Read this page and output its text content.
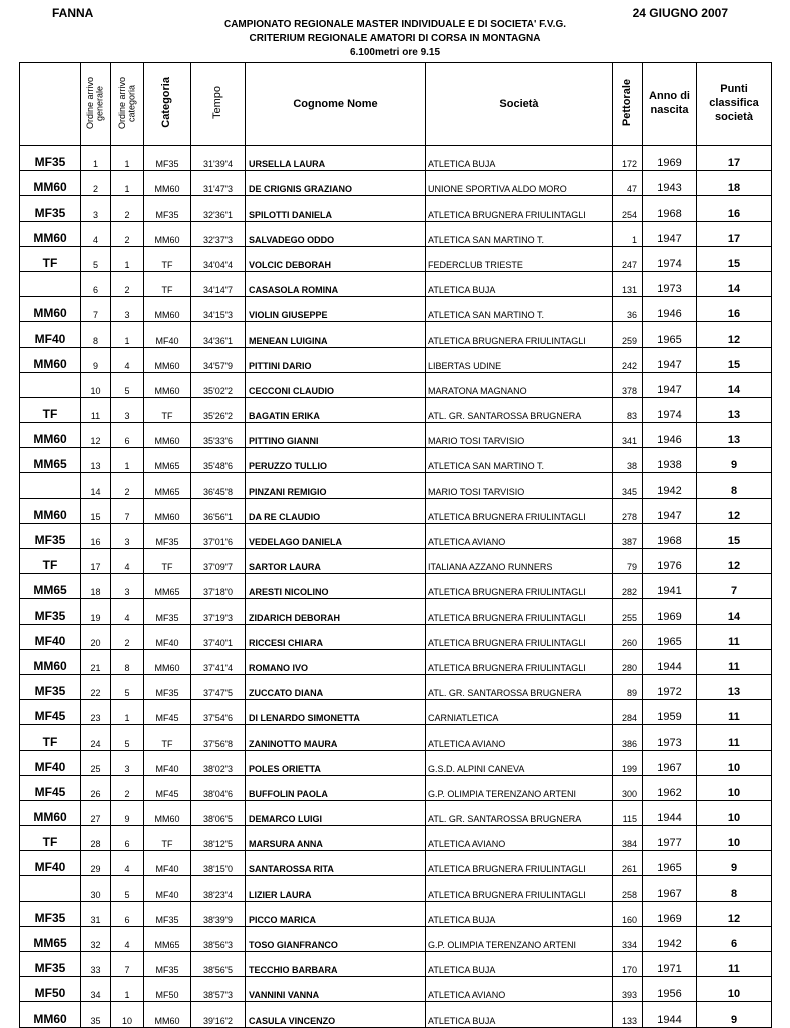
FANNA	24 GIUGNO 2007
CAMPIONATO REGIONALE MASTER INDIVIDUALE E DI SOCIETA' F.V.G.
CRITERIUM REGIONALE AMATORI DI CORSA IN MONTAGNA
6.100metri ore 9.15
	Ordine arrivo generale	Ordine arrivo categoria	Categoria	Tempo	Cognome Nome	Società	Pettorale	Anno di nascita	Punti classifica società
MF35	1	1	MF35	31'39"4	URSELLA LAURA	ATLETICA BUJA	172	1969	17
MM60	2	1	MM60	31'47"3	DE CRIGNIS GRAZIANO	UNIONE SPORTIVA ALDO MORO	47	1943	18
MF35	3	2	MF35	32'36"1	SPILOTTI DANIELA	ATLETICA BRUGNERA FRIULINTAGLI	254	1968	16
MM60	4	2	MM60	32'37"3	SALVADEGO ODDO	ATLETICA SAN MARTINO T.	1	1947	17
TF	5	1	TF	34'04"4	VOLCIC DEBORAH	FEDERCLUB TRIESTE	247	1974	15
	6	2	TF	34'14"7	CASASOLA ROMINA	ATLETICA BUJA	131	1973	14
MM60	7	3	MM60	34'15"3	VIOLIN GIUSEPPE	ATLETICA SAN MARTINO T.	36	1946	16
MF40	8	1	MF40	34'36"1	MENEAN LUIGINA	ATLETICA BRUGNERA FRIULINTAGLI	259	1965	12
MM60	9	4	MM60	34'57"9	PITTINI DARIO	LIBERTAS UDINE	242	1947	15
	10	5	MM60	35'02"2	CECCONI CLAUDIO	MARATONA MAGNANO	378	1947	14
TF	11	3	TF	35'26"2	BAGATIN ERIKA	ATL. GR. SANTAROSSA BRUGNERA	83	1974	13
MM60	12	6	MM60	35'33"6	PITTINO GIANNI	MARIO TOSI TARVISIO	341	1946	13
MM65	13	1	MM65	35'48"6	PERUZZO TULLIO	ATLETICA SAN MARTINO T.	38	1938	9
	14	2	MM65	36'45"8	PINZANI REMIGIO	MARIO TOSI TARVISIO	345	1942	8
MM60	15	7	MM60	36'56"1	DA RE CLAUDIO	ATLETICA BRUGNERA FRIULINTAGLI	278	1947	12
MF35	16	3	MF35	37'01"6	VEDELAGO DANIELA	ATLETICA AVIANO	387	1968	15
TF	17	4	TF	37'09"7	SARTOR LAURA	ITALIANA AZZANO RUNNERS	79	1976	12
MM65	18	3	MM65	37'18"0	ARESTI NICOLINO	ATLETICA BRUGNERA FRIULINTAGLI	282	1941	7
MF35	19	4	MF35	37'19"3	ZIDARICH DEBORAH	ATLETICA BRUGNERA FRIULINTAGLI	255	1969	14
MF40	20	2	MF40	37'40"1	RICCESI CHIARA	ATLETICA BRUGNERA FRIULINTAGLI	260	1965	11
MM60	21	8	MM60	37'41"4	ROMANO IVO	ATLETICA BRUGNERA FRIULINTAGLI	280	1944	11
MF35	22	5	MF35	37'47"5	ZUCCATO DIANA	ATL. GR. SANTAROSSA BRUGNERA	89	1972	13
MF45	23	1	MF45	37'54"6	DI LENARDO SIMONETTA	CARNIATLETICA	284	1959	11
TF	24	5	TF	37'56"8	ZANINOTTO MAURA	ATLETICA AVIANO	386	1973	11
MF40	25	3	MF40	38'02"3	POLES ORIETTA	G.S.D. ALPINI CANEVA	199	1967	10
MF45	26	2	MF45	38'04"6	BUFFOLIN PAOLA	G.P. OLIMPIA TERENZANO ARTENI	300	1962	10
MM60	27	9	MM60	38'06"5	DEMARCO LUIGI	ATL. GR. SANTAROSSA BRUGNERA	115	1944	10
TF	28	6	TF	38'12"5	MARSURA ANNA	ATLETICA AVIANO	384	1977	10
MF40	29	4	MF40	38'15"0	SANTAROSSA RITA	ATLETICA BRUGNERA FRIULINTAGLI	261	1965	9
	30	5	MF40	38'23"4	LIZIER LAURA	ATLETICA BRUGNERA FRIULINTAGLI	258	1967	8
MF35	31	6	MF35	38'39"9	PICCO MARICA	ATLETICA BUJA	160	1969	12
MM65	32	4	MM65	38'56"3	TOSO GIANFRANCO	G.P. OLIMPIA TERENZANO ARTENI	334	1942	6
MF35	33	7	MF35	38'56"5	TECCHIO BARBARA	ATLETICA BUJA	170	1971	11
MF50	34	1	MF50	38'57"3	VANNINI VANNA	ATLETICA AVIANO	393	1956	10
MM60	35	10	MM60	39'16"2	CASULA VINCENZO	ATLETICA BUJA	133	1944	9
